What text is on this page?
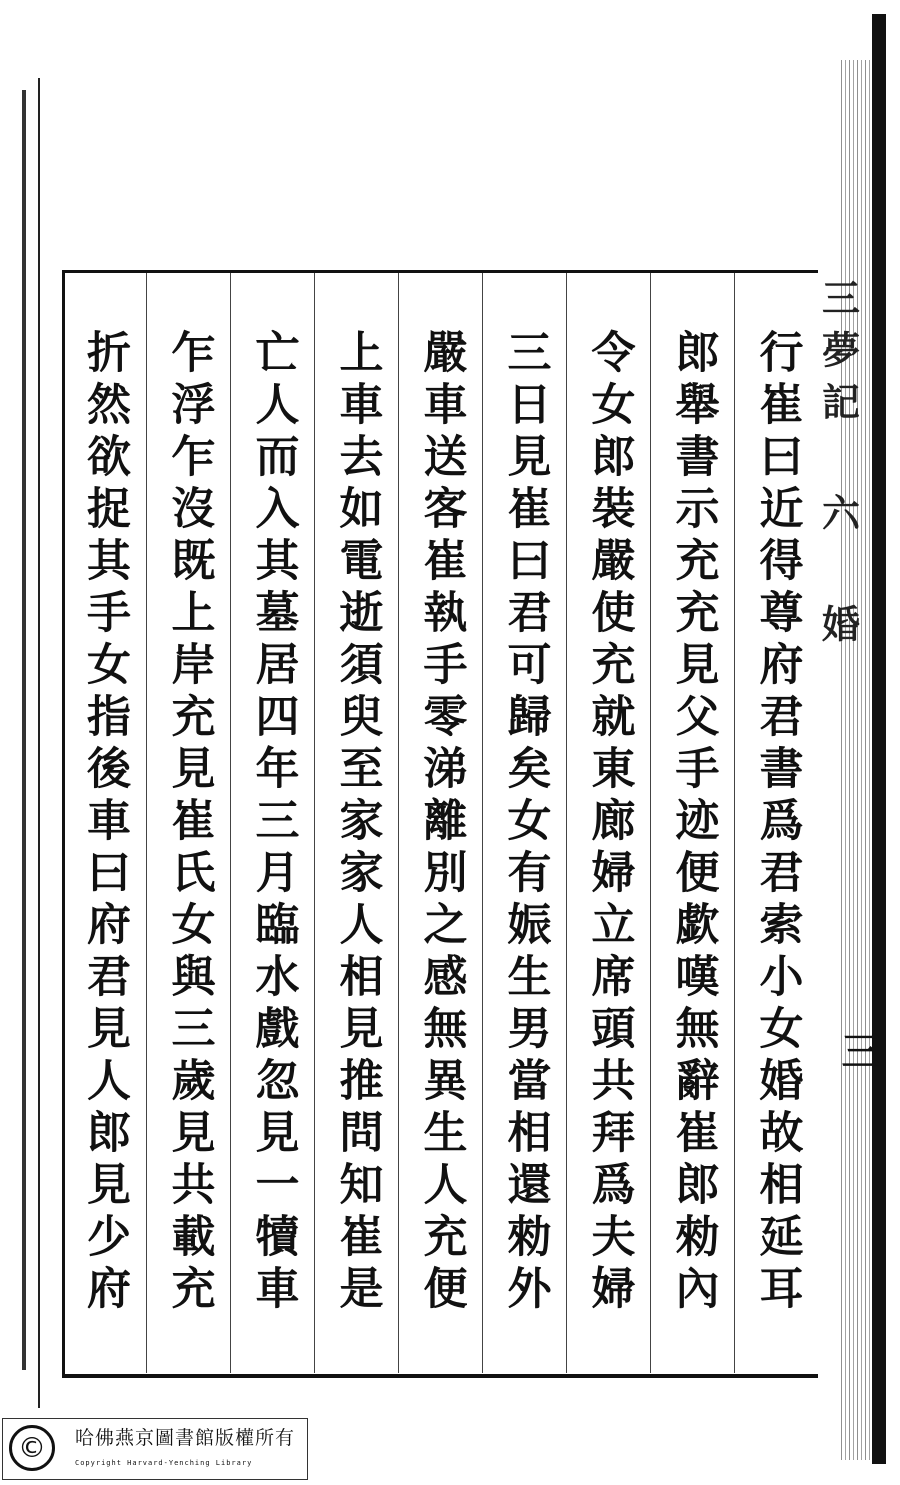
三夢記 六 婚
三
行崔曰近得尊府君書爲君索小女婚故相延耳
郎舉書示充充見父手迹便歔嘆無辭崔郎勑內
令女郎裝嚴使充就東廊婦立席頭共拜爲夫婦
三日見崔曰君可歸矣女有娠生男當相還勑外
嚴車送客崔執手零涕離別之感無異生人充便
上車去如電逝須臾至家家人相見推問知崔是
亡人而入其墓居四年三月臨水戲忽見一犢車
乍浮乍沒既上岸充見崔氏女與三歲見共載充
折然欲捉其手女指後車曰府君見人郎見少府
©	哈佛燕京圖書館版權所有
Copyright Harvard-Yenching Library
